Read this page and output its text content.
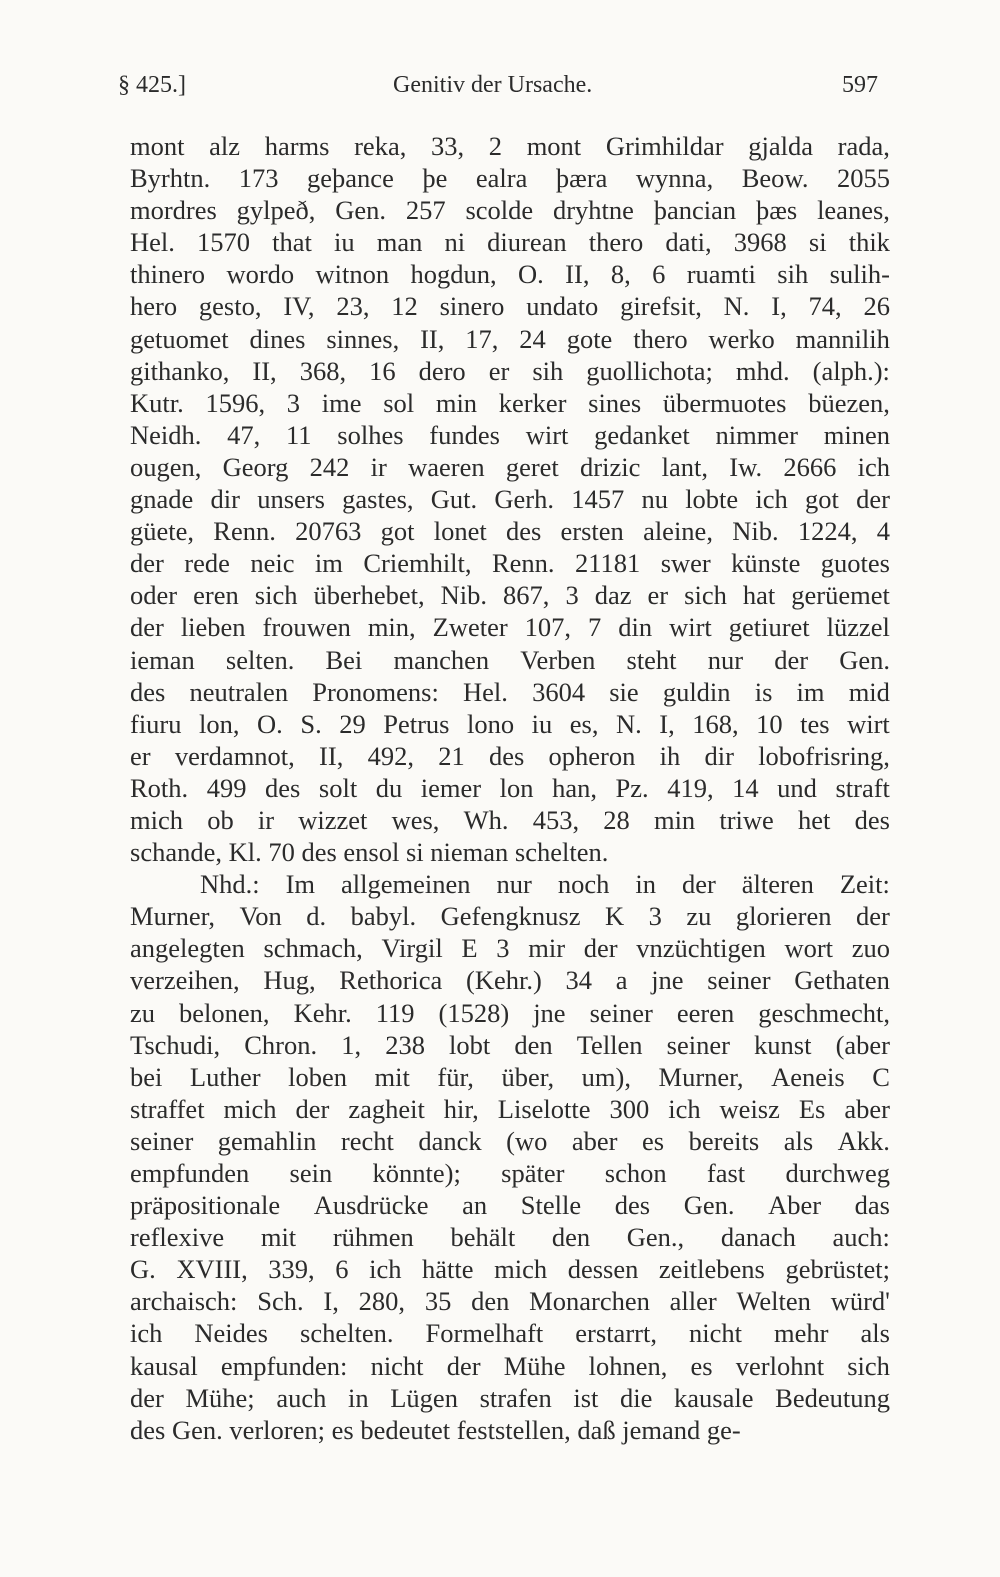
§ 425.]	Genitiv der Ursache.	597
mont alz harms reka, 33, 2 mont Grimhildar gjalda rada,
Byrhtn. 173 geþance þe ealra þæra wynna, Beow. 2055
mordres gylpeð, Gen. 257 scolde dryhtne þancian þæs leanes,
Hel. 1570 that iu man ni diurean thero dati, 3968 si thik
thinero wordo witnon hogdun, O. II, 8, 6 ruamti sih sulih-
hero gesto, IV, 23, 12 sinero undato girefsit, N. I, 74, 26
getuomet dines sinnes, II, 17, 24 gote thero werko mannilih
githanko, II, 368, 16 dero er sih guollichota; mhd. (alph.):
Kutr. 1596, 3 ime sol min kerker sines übermuotes büezen,
Neidh. 47, 11 solhes fundes wirt gedanket nimmer minen
ougen, Georg 242 ir waeren geret drizic lant, Iw. 2666 ich
gnade dir unsers gastes, Gut. Gerh. 1457 nu lobte ich got der
güete, Renn. 20763 got lonet des ersten aleine, Nib. 1224, 4
der rede neic im Criemhilt, Renn. 21181 swer künste guotes
oder eren sich überhebet, Nib. 867, 3 daz er sich hat gerüemet
der lieben frouwen min, Zweter 107, 7 din wirt getiuret lüzzel
ieman selten. Bei manchen Verben steht nur der Gen.
des neutralen Pronomens: Hel. 3604 sie guldin is im mid
fiuru lon, O. S. 29 Petrus lono iu es, N. I, 168, 10 tes wirt
er verdamnot, II, 492, 21 des opheron ih dir lobofrisring,
Roth. 499 des solt du iemer lon han, Pz. 419, 14 und straft
mich ob ir wizzet wes, Wh. 453, 28 min triwe het des
schande, Kl. 70 des ensol si nieman schelten.
Nhd.: Im allgemeinen nur noch in der älteren Zeit:
Murner, Von d. babyl. Gefengknusz K 3 zu glorieren der
angelegten schmach, Virgil E 3 mir der vnzüchtigen wort zuo
verzeihen, Hug, Rethorica (Kehr.) 34 a jne seiner Gethaten
zu belonen, Kehr. 119 (1528) jne seiner eeren geschmecht,
Tschudi, Chron. 1, 238 lobt den Tellen seiner kunst (aber
bei Luther loben mit für, über, um), Murner, Aeneis C
straffet mich der zagheit hir, Liselotte 300 ich weisz Es aber
seiner gemahlin recht danck (wo aber es bereits als Akk.
empfunden sein könnte); später schon fast durchweg
präpositionale Ausdrücke an Stelle des Gen. Aber das
reflexive mit rühmen behält den Gen., danach auch:
G. XVIII, 339, 6 ich hätte mich dessen zeitlebens gebrüstet;
archaisch: Sch. I, 280, 35 den Monarchen aller Welten würd'
ich Neides schelten. Formelhaft erstarrt, nicht mehr als
kausal empfunden: nicht der Mühe lohnen, es verlohnt sich
der Mühe; auch in Lügen strafen ist die kausale Bedeutung
des Gen. verloren; es bedeutet feststellen, daß jemand ge-
